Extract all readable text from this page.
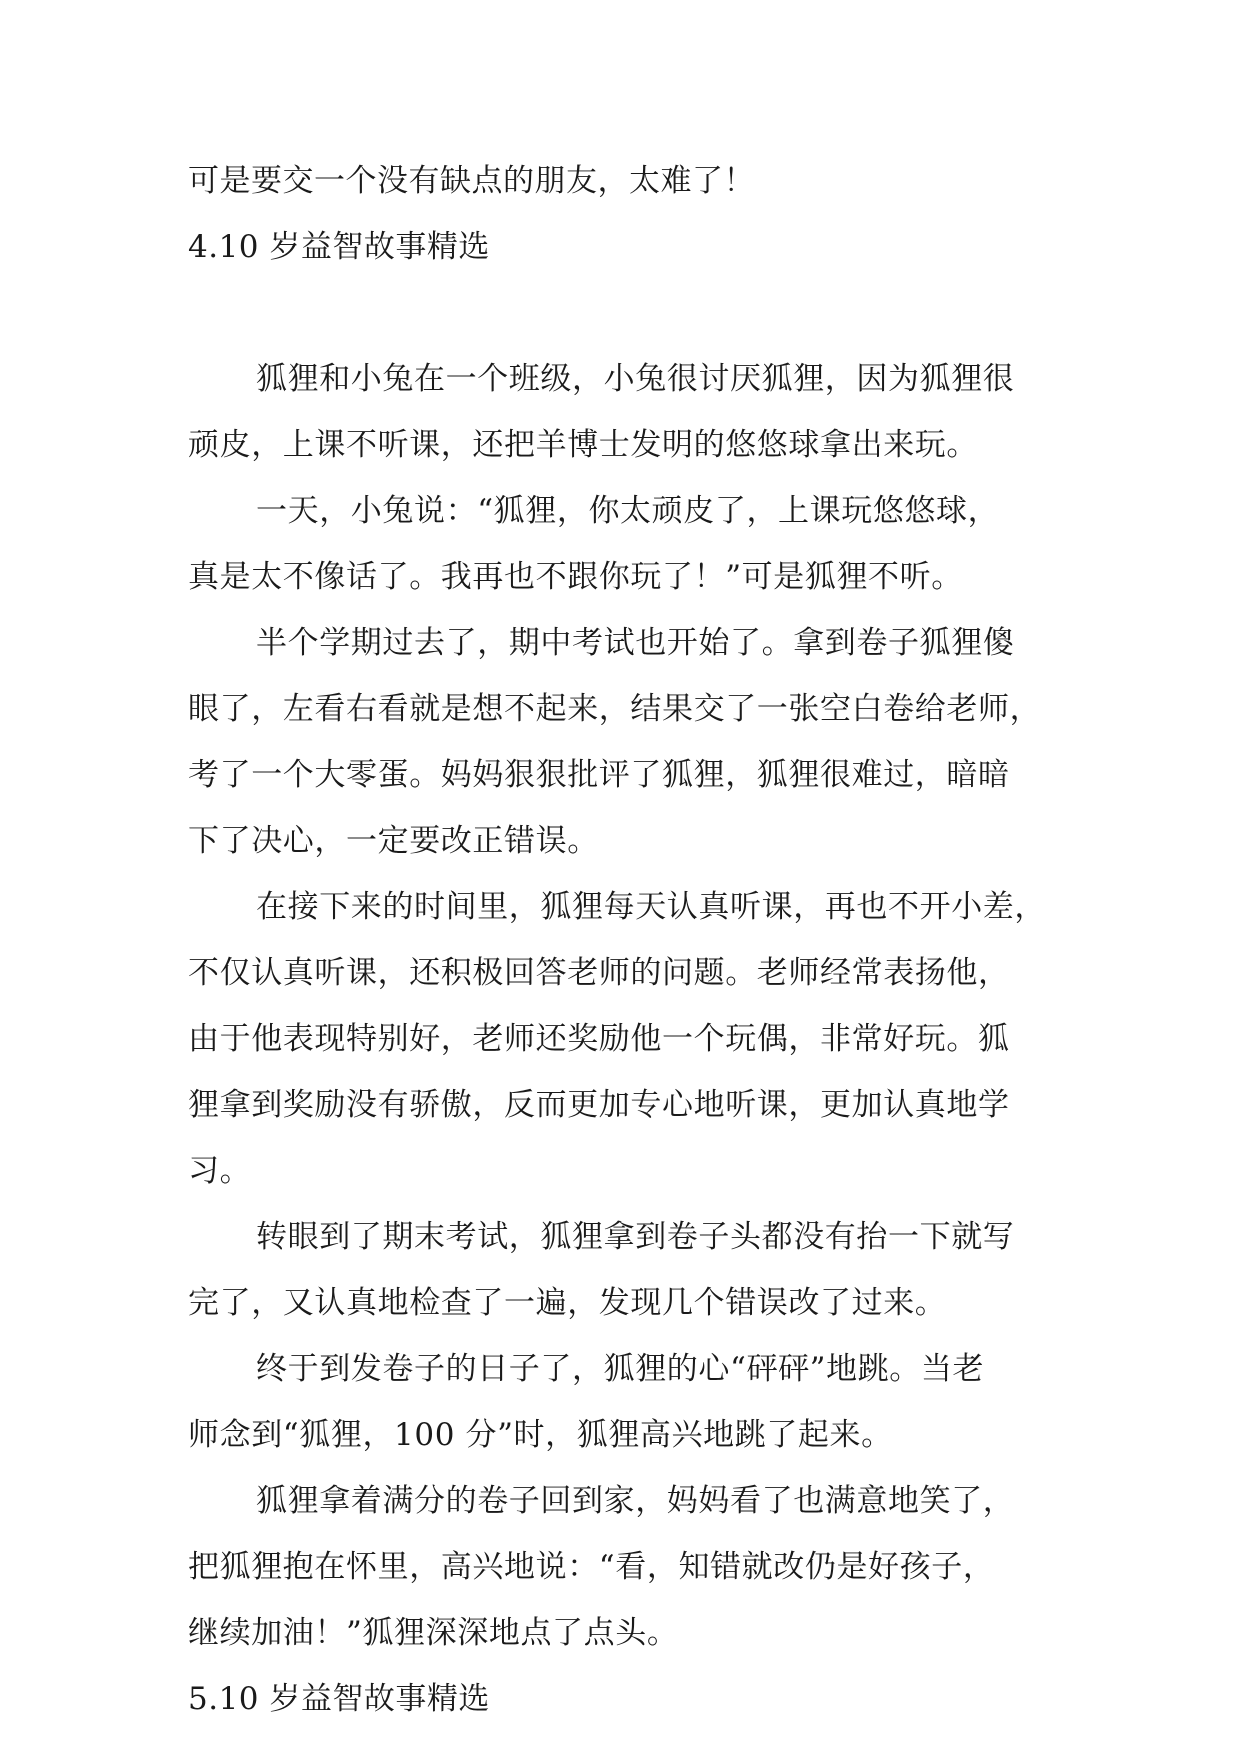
可是要交一个没有缺点的朋友，太难了！

4.10 岁益智故事精选

狐狸和小兔在一个班级，小兔很讨厌狐狸，因为狐狸很

顽皮，上课不听课，还把羊博士发明的悠悠球拿出来玩。

一天，小兔说：“狐狸，你太顽皮了，上课玩悠悠球，

真是太不像话了。我再也不跟你玩了！”可是狐狸不听。

半个学期过去了，期中考试也开始了。拿到卷子狐狸傻

眼了，左看右看就是想不起来，结果交了一张空白卷给老师，

考了一个大零蛋。妈妈狠狠批评了狐狸，狐狸很难过，暗暗

下了决心，一定要改正错误。

在接下来的时间里，狐狸每天认真听课，再也不开小差，

不仅认真听课，还积极回答老师的问题。老师经常表扬他，

由于他表现特别好，老师还奖励他一个玩偶，非常好玩。狐

狸拿到奖励没有骄傲，反而更加专心地听课，更加认真地学

习。

转眼到了期末考试，狐狸拿到卷子头都没有抬一下就写

完了，又认真地检查了一遍，发现几个错误改了过来。

终于到发卷子的日子了，狐狸的心“砰砰”地跳。当老

师念到“狐狸，100 分”时，狐狸高兴地跳了起来。

狐狸拿着满分的卷子回到家，妈妈看了也满意地笑了，

把狐狸抱在怀里，高兴地说：“看，知错就改仍是好孩子，

继续加油！”狐狸深深地点了点头。

5.10 岁益智故事精选
